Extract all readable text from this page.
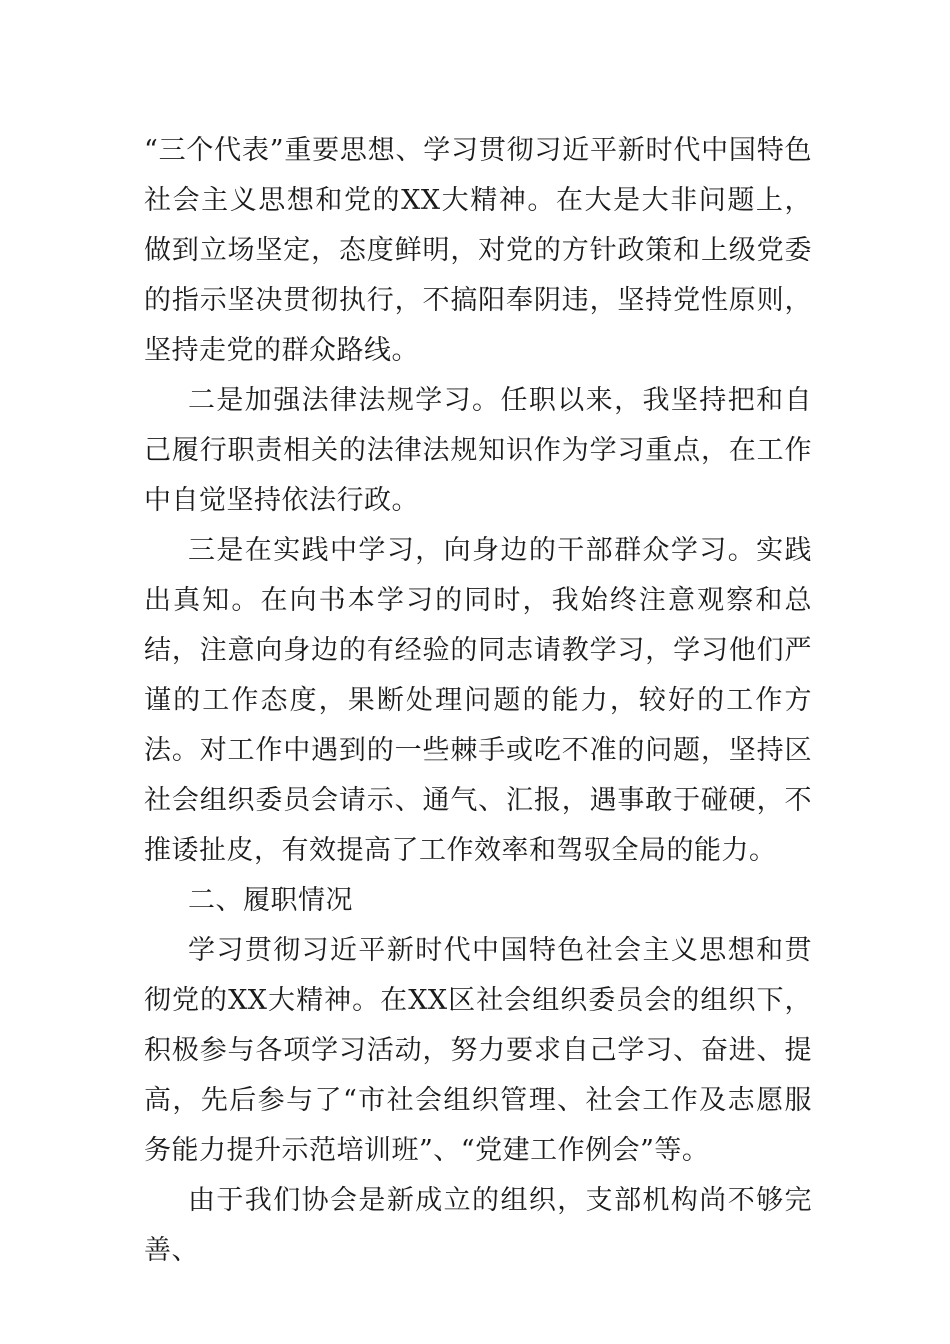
“三个代表”重要思想、学习贯彻习近平新时代中国特色社会主义思想和党的XX大精神。在大是大非问题上，做到立场坚定，态度鲜明，对党的方针政策和上级党委的指示坚决贯彻执行，不搞阳奉阴违，坚持党性原则，坚持走党的群众路线。

二是加强法律法规学习。任职以来，我坚持把和自己履行职责相关的法律法规知识作为学习重点，在工作中自觉坚持依法行政。

三是在实践中学习，向身边的干部群众学习。实践出真知。在向书本学习的同时，我始终注意观察和总结，注意向身边的有经验的同志请教学习，学习他们严谨的工作态度，果断处理问题的能力，较好的工作方法。对工作中遇到的一些棘手或吃不准的问题，坚持区社会组织委员会请示、通气、汇报，遇事敢于碰硬，不推诿扯皮，有效提高了工作效率和驾驭全局的能力。

二、履职情况

学习贯彻习近平新时代中国特色社会主义思想和贯彻党的XX大精神。在XX区社会组织委员会的组织下，积极参与各项学习活动，努力要求自己学习、奋进、提高，先后参与了“市社会组织管理、社会工作及志愿服务能力提升示范培训班”、“党建工作例会”等。

由于我们协会是新成立的组织，支部机构尚不够完善、
